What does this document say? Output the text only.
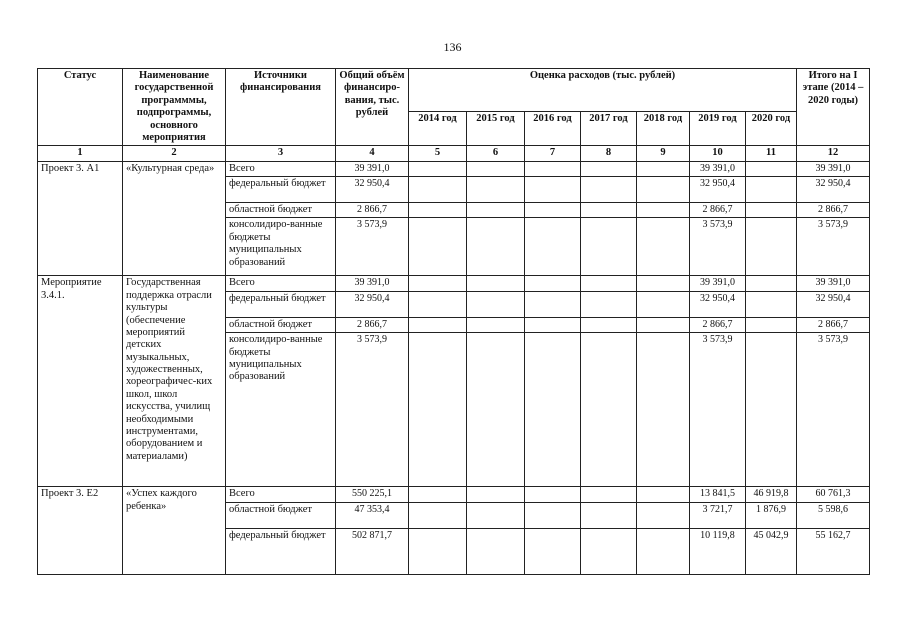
136
Статус	Наименование государственной программмы, подпрограммы, основного мероприятия	Источники финансирования	Общий объём финансиро-вания, тыс. рублей	Оценка расходов (тыс. рублей)							Итого на I этапе (2014 – 2020 годы)
				2014 год	2015 год	2016 год	2017 год	2018 год	2019 год	2020 год	
1	2	3	4	5	6	7	8	9	10	11	12
Проект 3. A1	«Культурная среда»	Всего	39 391,0						39 391,0		39 391,0
		федеральный бюджет	32 950,4						32 950,4		32 950,4
		областной бюджет	2 866,7						2 866,7		2 866,7
		консолидиро-ванные бюджеты муниципальных образований	3 573,9						3 573,9		3 573,9
Мероприятие 3.4.1.	Государственная поддержка отрасли культуры (обеспечение мероприятий детских музыкальных, художественных, хореографичес-ких школ, школ искусства, училищ необходимыми инструментами, оборудованием и материалами)	Всего	39 391,0						39 391,0		39 391,0
		федеральный бюджет	32 950,4						32 950,4		32 950,4
		областной бюджет	2 866,7						2 866,7		2 866,7
		консолидиро-ванные бюджеты муниципальных образований	3 573,9						3 573,9		3 573,9
Проект 3. E2	«Успех каждого ребенка»	Всего	550 225,1						13 841,5	46 919,8	60 761,3
		областной бюджет	47 353,4						3 721,7	1 876,9	5 598,6
		федеральный бюджет	502 871,7						10 119,8	45 042,9	55 162,7
